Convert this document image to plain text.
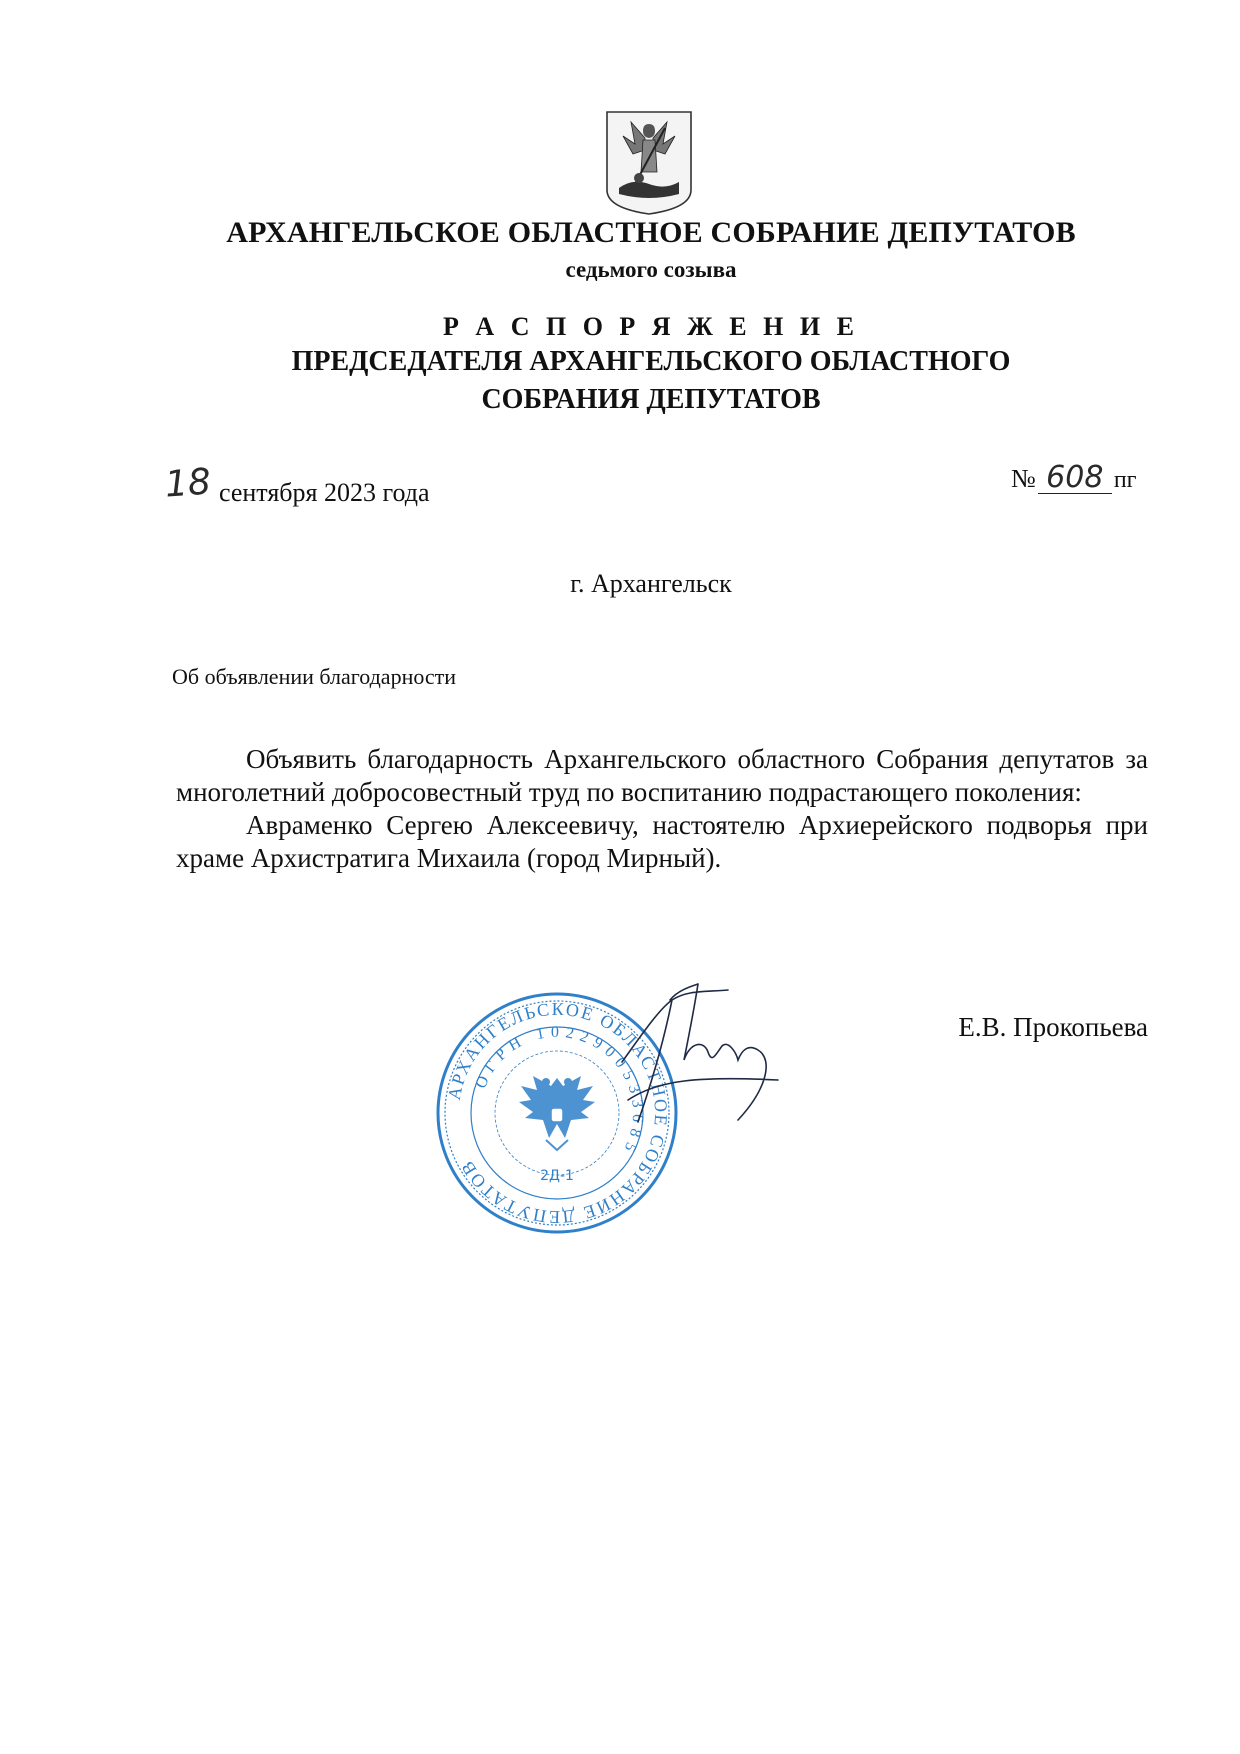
АРХАНГЕЛЬСКОЕ ОБЛАСТНОЕ СОБРАНИЕ ДЕПУТАТОВ
седьмого созыва
Р А С П О Р Я Ж Е Н И Е
ПРЕДСЕДАТЕЛЯ АРХАНГЕЛЬСКОГО ОБЛАСТНОГО
СОБРАНИЯ ДЕПУТАТОВ
18 сентября 2023 года	№ 608 пг
г. Архангельск
Об объявлении благодарности

Объявить благодарность Архангельского областного Собрания депутатов за многолетний добросовестный труд по воспитанию подрастающего поколения:

Авраменко Сергею Алексеевичу, настоятелю Архиерейского подворья при храме Архистратига Михаила (город Мирный).

АРХАНГЕЛЬСКОЕ ОБЛАСТНОЕ СОБРАНИЕ ДЕПУТАТОВ
ОГРН 1022900533685
2Д-1
Е.В. Прокопьева
